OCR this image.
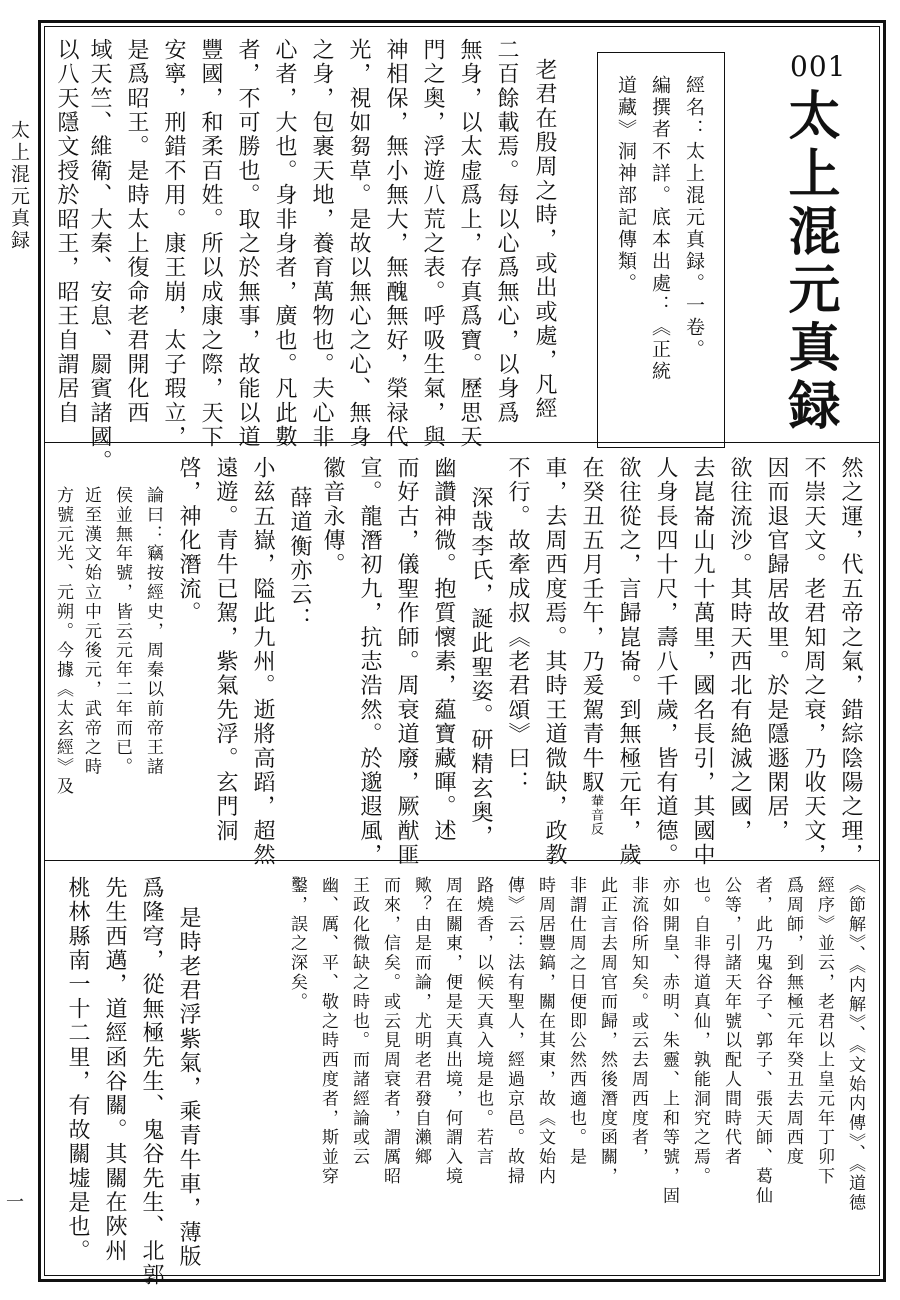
太上混元真録
一
001
太上混元真録
經名：太上混元真録。一卷。
編撰者不詳。底本出處：《正統
道藏》洞神部記傳類。
老君在殷周之時，或出或處，凡經
二百餘載焉。每以心爲無心，以身爲
無身，以太虚爲上，存真爲寶。歷思天
門之奥，浮遊八荒之表。呼吸生氣，與
神相保，無小無大，無醜無好，榮禄代
光，視如芻草。是故以無心之心、無身
之身，包裹天地，養育萬物也。夫心非
心者，大也。身非身者，廣也。凡此數
者，不可勝也。取之於無事，故能以道
豐國，和柔百姓。所以成康之際，天下
安寧，刑錯不用。康王崩，太子瑕立，
是爲昭王。是時太上復命老君開化西
域天竺、維衛、大秦、安息、罽賓諸國。
以八天隱文授於昭王，昭王自謂居自
然之運，代五帝之氣，錯綜陰陽之理，
不崇天文。老君知周之衰，乃收天文，
因而退官歸居故里。於是隱遯閑居，
欲往流沙。其時天西北有絶滅之國，
去崑崙山九十萬里，國名長引，其國中
人身長四十尺，壽八千歲，皆有道德。
欲往從之，言歸崑崙。到無極元年，歲
在癸丑五月壬午，乃爰駕青牛馭
輂音反
車，去周西度焉。其時王道微缺，政教
不行。故牽成叔《老君頌》曰：
深哉李氏，誕此聖姿。研精玄奥，
幽讚神微。抱質懷素，藴寶藏暉。述
而好古，儀聖作師。周衰道廢，厥猷匪
宣。龍潛初九，抗志浩然。於邈遐風，
徽音永傳。
薛道衡亦云：
小兹五嶽，隘此九州。逝將高蹈，超然
遠遊。青牛已駕，紫氣先浮。玄門洞
啓，神化潛流。
論曰：竊按經史，周秦以前帝王諸
侯並無年號，皆云元年二年而已。
近至漢文始立中元後元，武帝之時
方號元光、元朔。今據《太玄經》及
《節解》、《内解》、《文始内傳》、《道德
經序》並云，老君以上皇元年丁卯下
爲周師，到無極元年癸丑去周西度
者，此乃鬼谷子、郭子、張天師、葛仙
公等，引諸天年號以配人間時代者
也。自非得道真仙，孰能洞究之焉。
亦如開皇、赤明、朱靈、上和等號，固
非流俗所知矣。或云去周西度者，
此正言去周官而歸，然後潛度函關，
非謂仕周之日便即公然西適也。是
時周居豐鎬，關在其東，故《文始内
傳》云：法有聖人，經過京邑。故掃
路燒香，以候天真入境是也。若言
周在關東，便是天真出境，何謂入境
歟？由是而論，尤明老君發自瀨鄉
而來，信矣。或云見周衰者，謂厲昭
王政化微缺之時也。而諸經論或云
幽、厲、平、敬之時西度者，斯並穿
鑿，誤之深矣。
是時老君浮紫氣，乘青牛車，薄版
爲隆穹，從無極先生、鬼谷先生、北郭
先生西邁，道經函谷關。其關在陜州
桃林縣南一十二里，有故關墟是也。
